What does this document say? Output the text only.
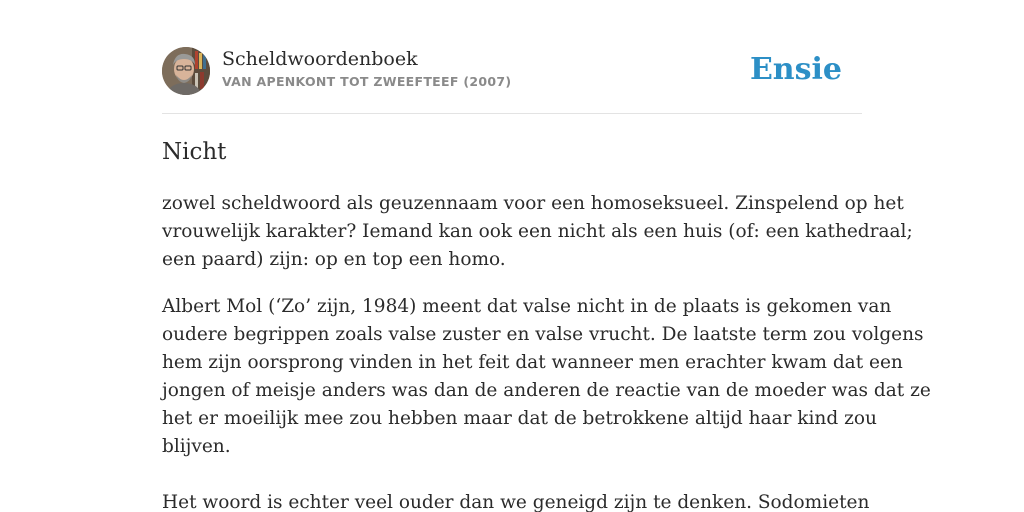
Scheldwoordenboek
VAN APENKONT TOT ZWEEFTEEF (2007)	Ensie
Nicht

zowel scheldwoord als geuzennaam voor een homoseksueel. Zinspelend op het
vrouwelijk karakter? Iemand kan ook een nicht als een huis (of: een kathedraal;
een paard) zijn: op en top een homo.

Albert Mol (‘Zo’ zijn, 1984) meent dat valse nicht in de plaats is gekomen van
oudere begrippen zoals valse zuster en valse vrucht. De laatste term zou volgens
hem zijn oorsprong vinden in het feit dat wanneer men erachter kwam dat een
jongen of meisje anders was dan de anderen de reactie van de moeder was dat ze
het er moeilijk mee zou hebben maar dat de betrokkene altijd haar kind zou
blijven.

Het woord is echter veel ouder dan we geneigd zijn te denken. Sodomieten
